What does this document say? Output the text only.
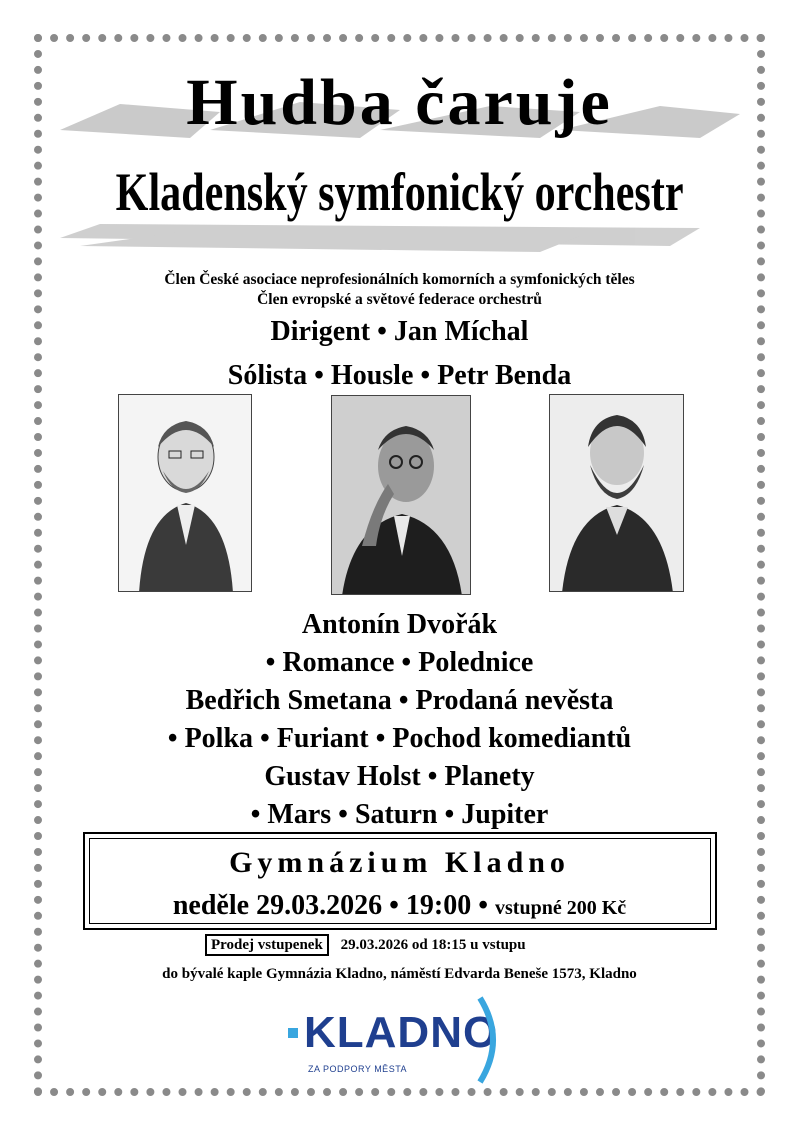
Hudba čaruje
Kladenský symfonický orchestr
Člen České asociace neprofesionálních komorních a symfonických těles
Člen evropské a světové federace orchestrů
Dirigent • Jan Míchal
Sólista • Housle • Petr Benda
Antonín Dvořák
• Romance • Polednice
Bedřich Smetana • Prodaná nevěsta
• Polka • Furiant • Pochod komediantů
Gustav Holst • Planety
• Mars • Saturn • Jupiter
Gymnázium Kladno
neděle 29.03.2026 • 19:00 • vstupné 200 Kč
Prodej vstupenek 29.03.2026 od 18:15 u vstupu
do bývalé kaple Gymnázia Kladno, náměstí Edvarda Beneše 1573, Kladno
KLADNO
ZA PODPORY MĚSTA
